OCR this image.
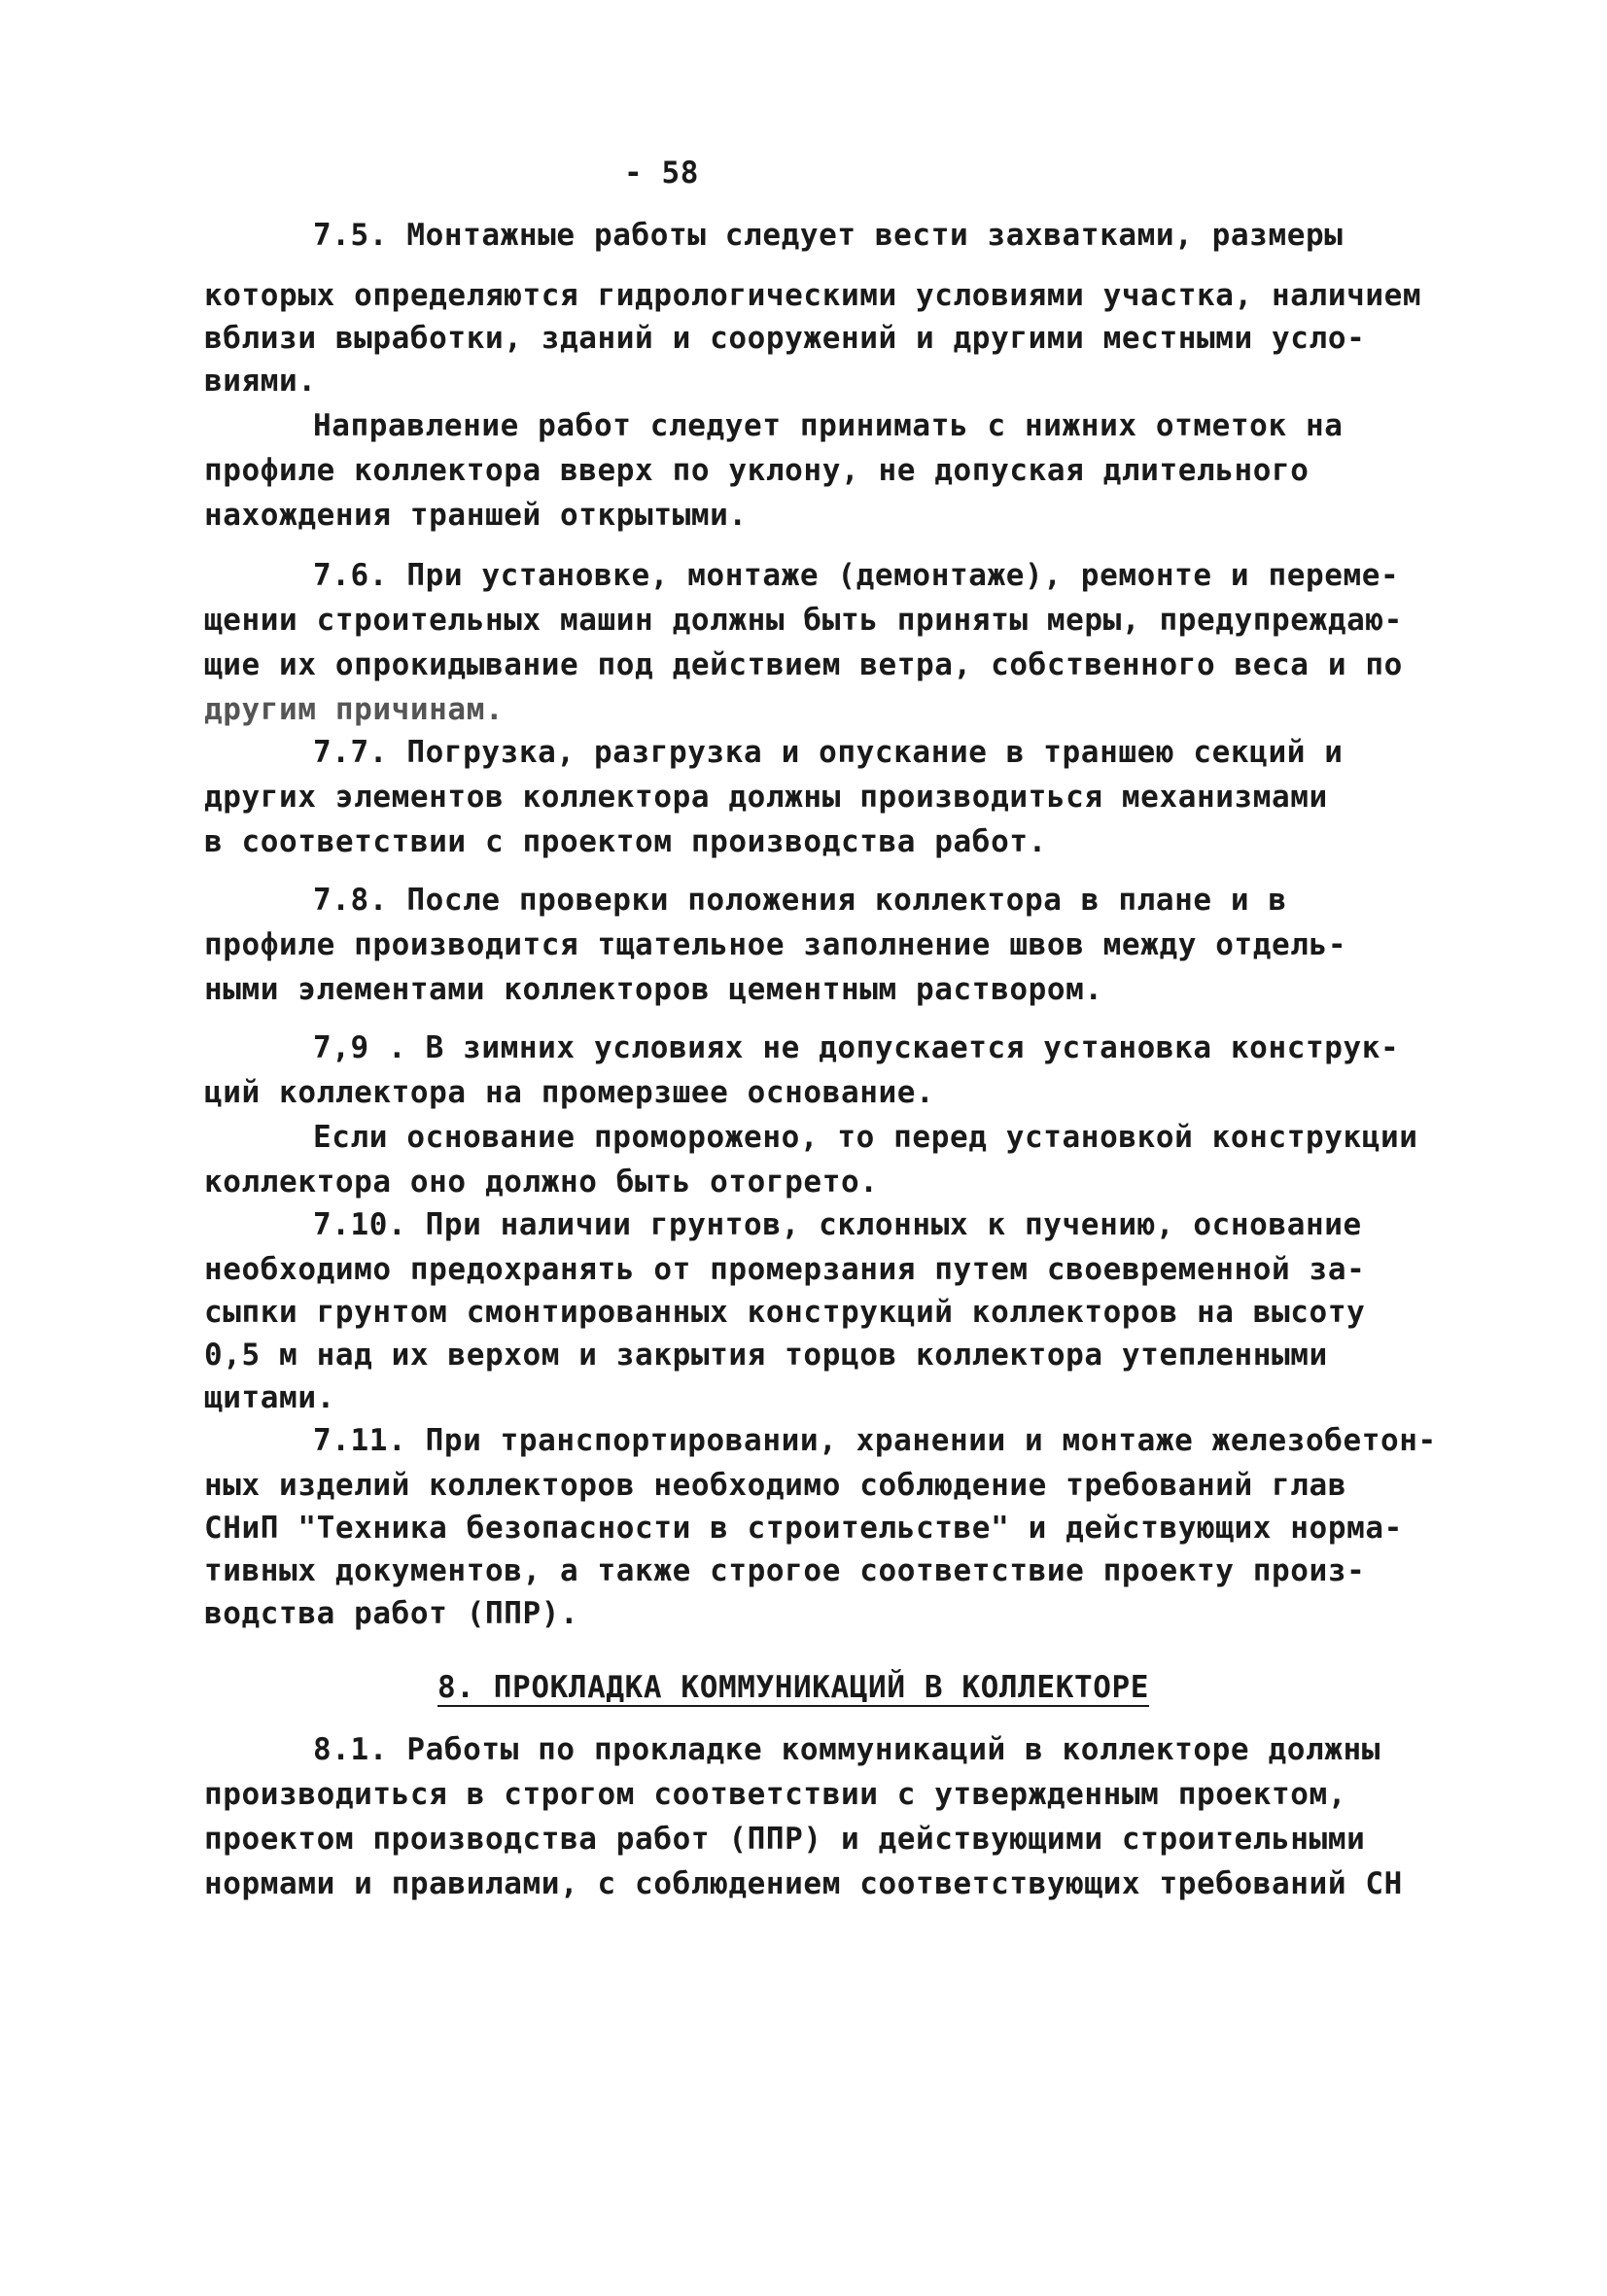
- 58
7.5. Монтажные работы следует вести захватками, размеры
которых определяются гидрологическими условиями участка, наличием
вблизи выработки, зданий и сооружений и другими местными усло-
виями.
Направление работ следует принимать с нижних отметок на
профиле коллектора вверх по уклону, не допуская длительного
нахождения траншей открытыми.
7.6. При установке, монтаже (демонтаже), ремонте и переме-
щении строительных машин должны быть приняты меры, предупреждаю-
щие их опрокидывание под действием ветра, собственного веса и по
другим причинам.
7.7. Погрузка, разгрузка и опускание в траншею секций и
других элементов коллектора должны производиться механизмами
в соответствии с проектом производства работ.
7.8. После проверки положения коллектора в плане и в
профиле производится тщательное заполнение швов между отдель-
ными элементами коллекторов цементным раствором.
7,9 . В зимних условиях не допускается установка конструк-
ций коллектора на промерзшее основание.
Если основание проморожено, то перед установкой конструкции
коллектора оно должно быть отогрето.
7.10. При наличии грунтов, склонных к пучению, основание
необходимо предохранять от промерзания путем своевременной за-
сыпки грунтом смонтированных конструкций коллекторов на высоту
0,5 м над их верхом и закрытия торцов коллектора утепленными
щитами.
7.11. При транспортировании, хранении и монтаже железобетон-
ных изделий коллекторов необходимо соблюдение требований глав
СНиП "Техника безопасности в строительстве" и действующих норма-
тивных документов, а также строгое соответствие проекту произ-
водства работ (ППР).
8. ПРОКЛАДКА КОММУНИКАЦИЙ В КОЛЛЕКТОРЕ
8.1. Работы по прокладке коммуникаций в коллекторе должны
производиться в строгом соответствии с утвержденным проектом,
проектом производства работ (ППР) и действующими строительными
нормами и правилами, с соблюдением соответствующих требований СН
